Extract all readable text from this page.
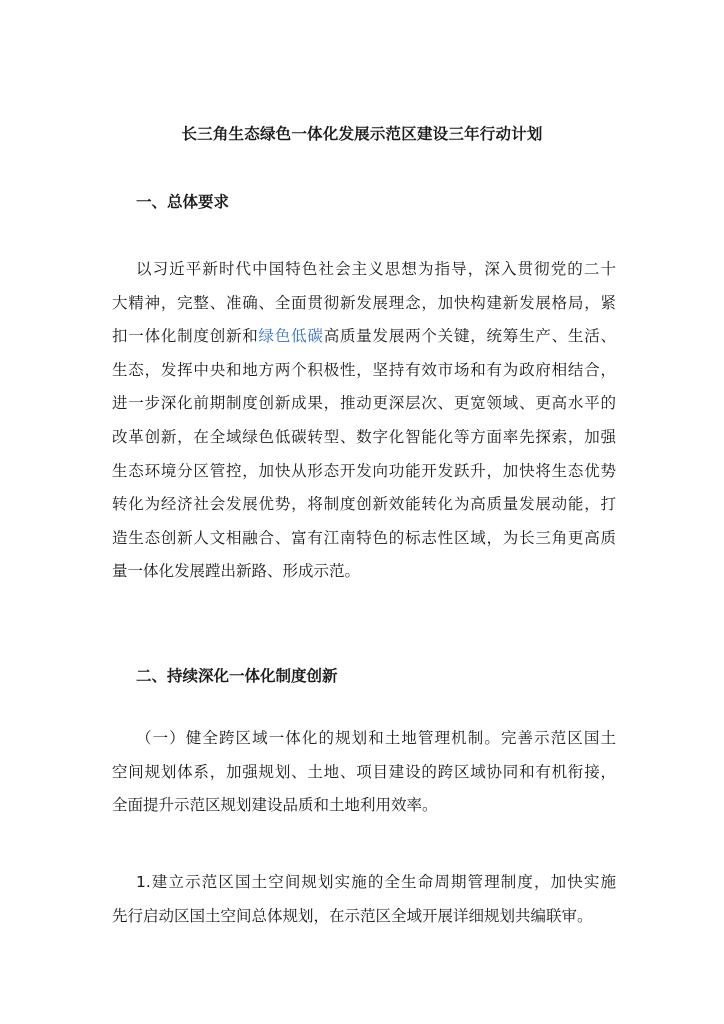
长三角生态绿色一体化发展示范区建设三年行动计划
一、总体要求

以习近平新时代中国特色社会主义思想为指导，深入贯彻党的二十

大精神，完整、准确、全面贯彻新发展理念，加快构建新发展格局，紧

扣一体化制度创新和绿色低碳高质量发展两个关键，统筹生产、生活、

生态，发挥中央和地方两个积极性，坚持有效市场和有为政府相结合，

进一步深化前期制度创新成果，推动更深层次、更宽领域、更高水平的

改革创新，在全域绿色低碳转型、数字化智能化等方面率先探索，加强

生态环境分区管控，加快从形态开发向功能开发跃升，加快将生态优势

转化为经济社会发展优势，将制度创新效能转化为高质量发展动能，打

造生态创新人文相融合、富有江南特色的标志性区域，为长三角更高质

量一体化发展蹚出新路、形成示范。

二、持续深化一体化制度创新

（一）健全跨区域一体化的规划和土地管理机制。完善示范区国土

空间规划体系，加强规划、土地、项目建设的跨区域协同和有机衔接，

全面提升示范区规划建设品质和土地利用效率。

1.建立示范区国土空间规划实施的全生命周期管理制度，加快实施

先行启动区国土空间总体规划，在示范区全域开展详细规划共编联审。
